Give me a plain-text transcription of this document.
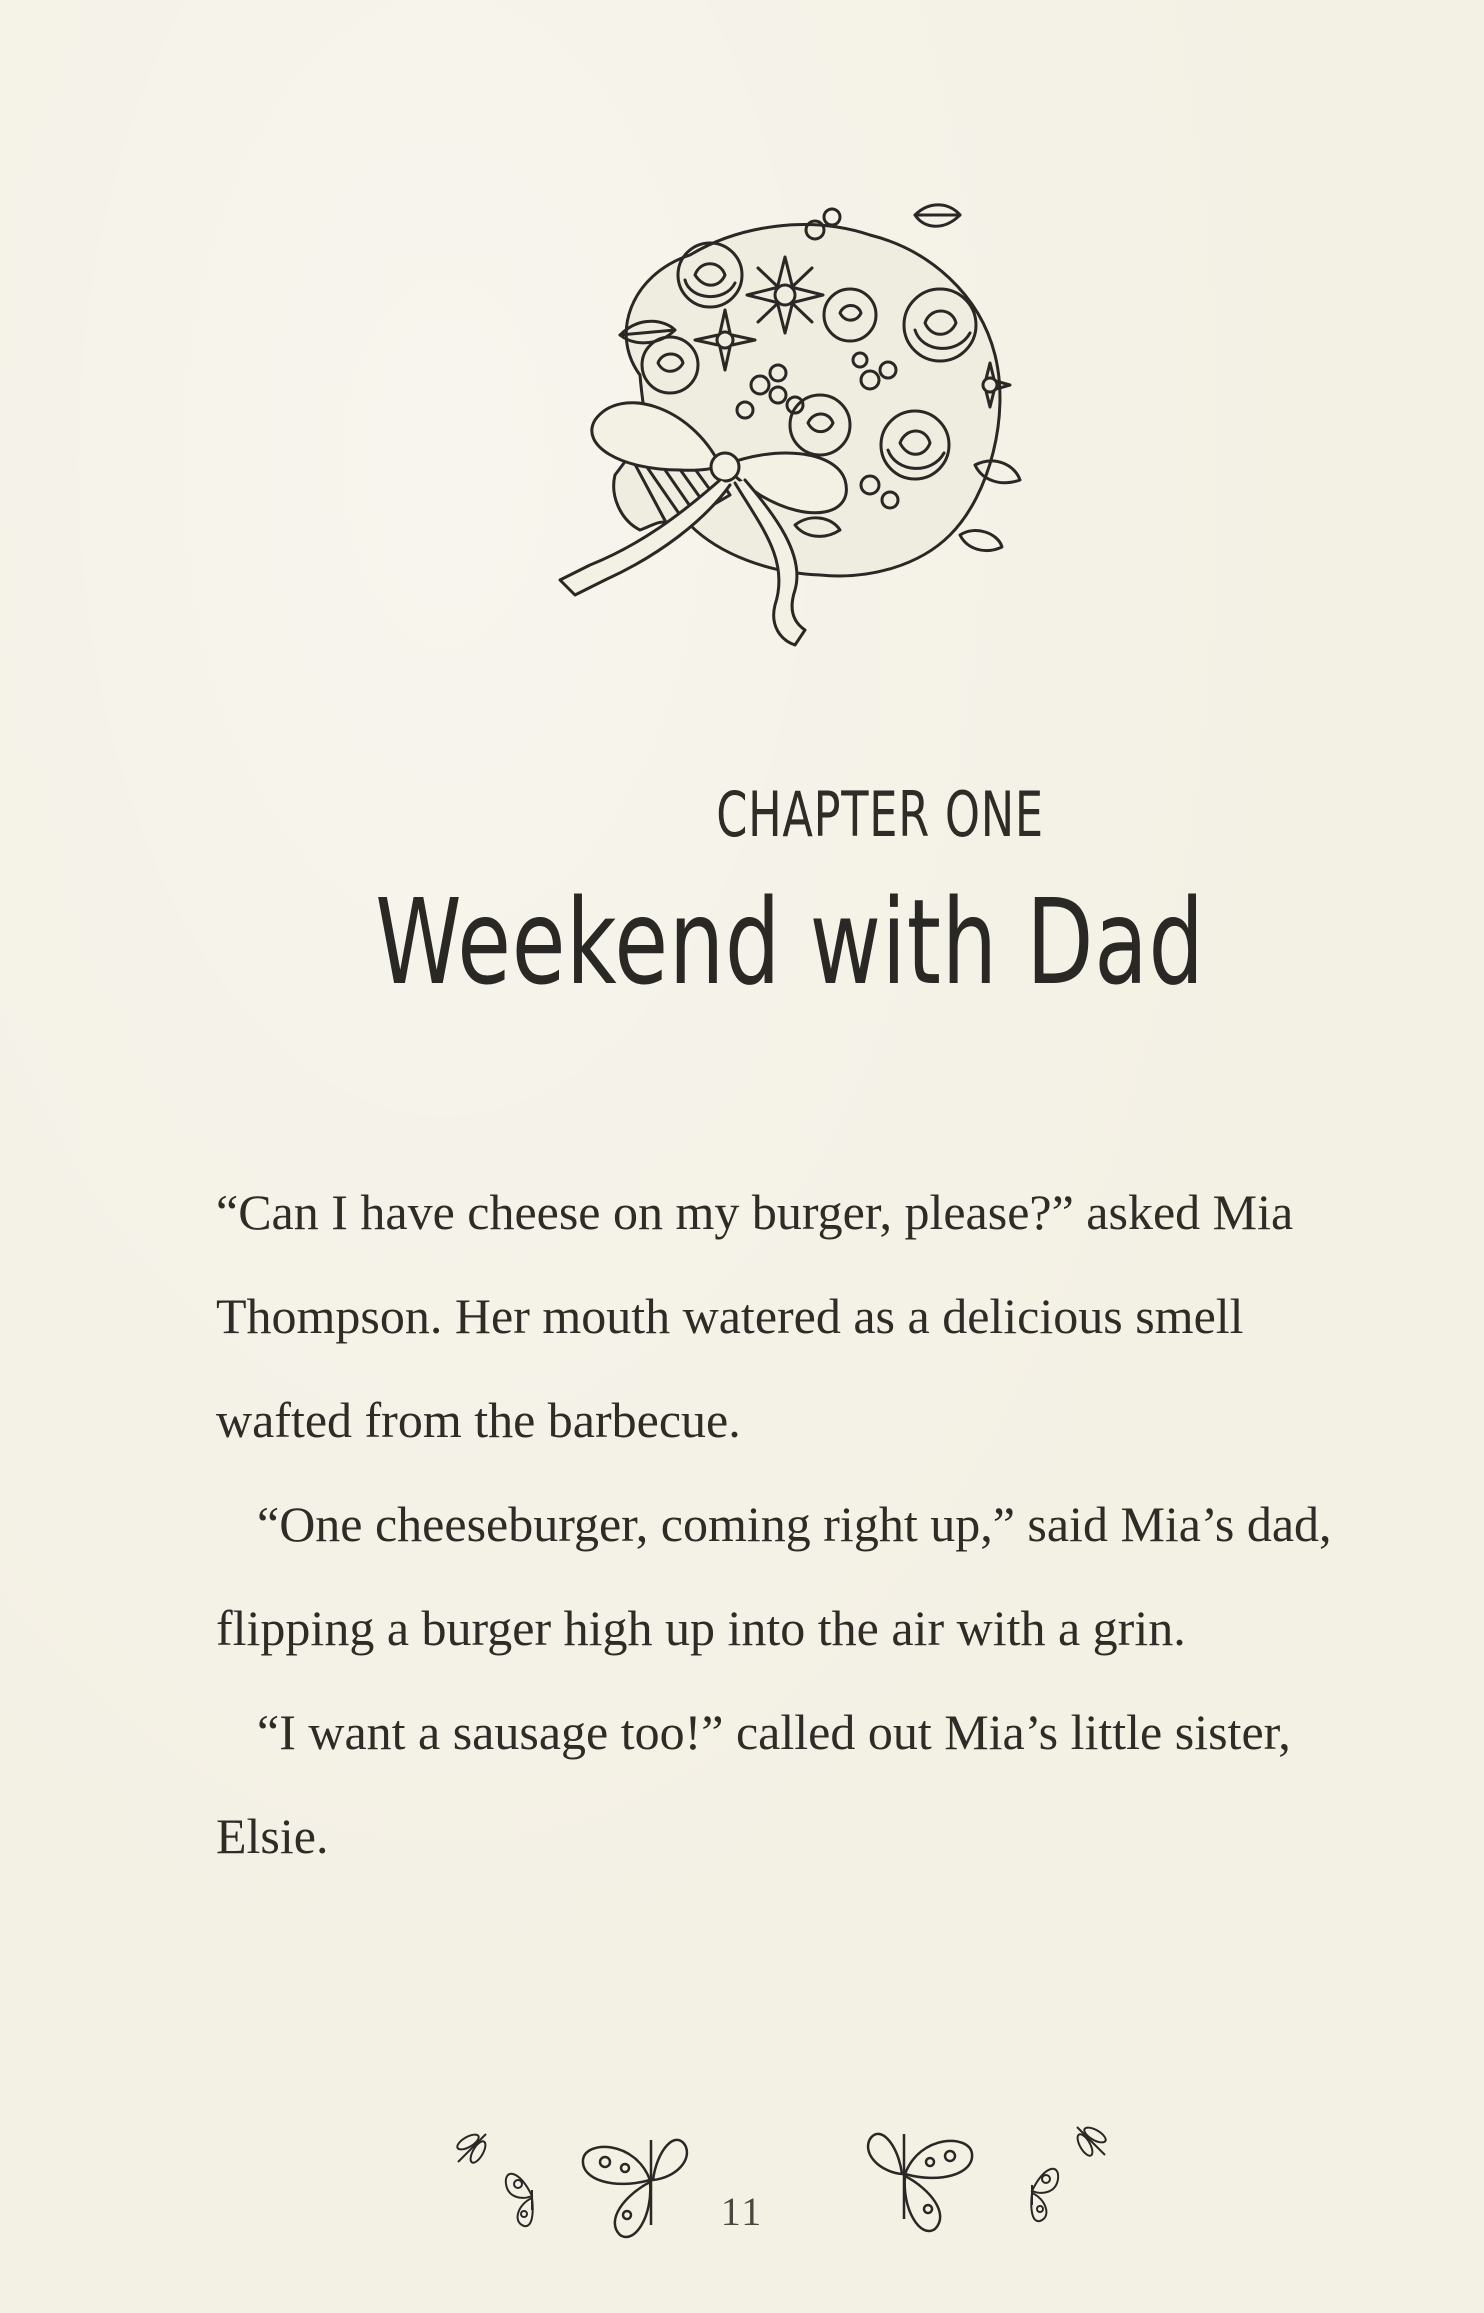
CHAPTER ONE
Weekend with Dad

“Can I have cheese on my burger, please?” asked Mia Thompson. Her mouth watered as a delicious smell wafted from the barbecue.

“One cheeseburger, coming right up,” said Mia’s dad, flipping a burger high up into the air with a grin.

“I want a sausage too!” called out Mia’s little sister, Elsie.

11
